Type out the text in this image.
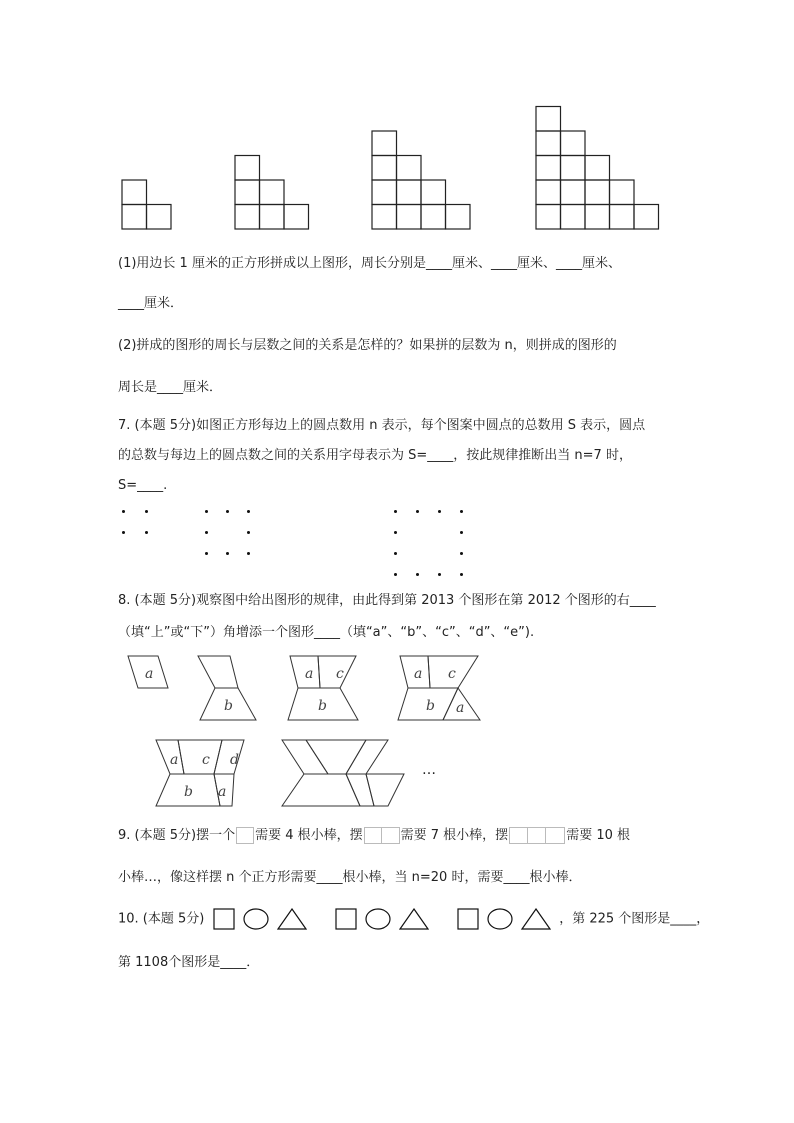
(1)用边长 1 厘米的正方形拼成以上图形，周长分别是____厘米、____厘米、____厘米、
____厘米．
(2)拼成的图形的周长与层数之间的关系是怎样的？如果拼的层数为 n，则拼成的图形的
周长是____厘米．
7. (本题 5分)如图正方形每边上的圆点数用 n 表示，每个图案中圆点的总数用 S 表示，圆点
的总数与每边上的圆点数之间的关系用字母表示为 S=____，按此规律推断出当 n=7 时，
S=____.
8. (本题 5分)观察图中给出图形的规律，由此得到第 2013 个图形在第 2012 个图形的右____
（填“上”或“下”）角增添一个图形____（填“a”、“b”、“c”、“d”、“e”).
a
b
a c
b
a c
b a
a c d
b a
…
9. (本题 5分)摆一个 需要 4 根小棒，摆	需要 7 根小棒，摆	需要 10 根
小棒…，像这样摆 n 个正方形需要____根小棒，当 n=20 时，需要____根小棒．
10. (本题 5分)	，第 225 个图形是____，
第 1108个图形是____．
